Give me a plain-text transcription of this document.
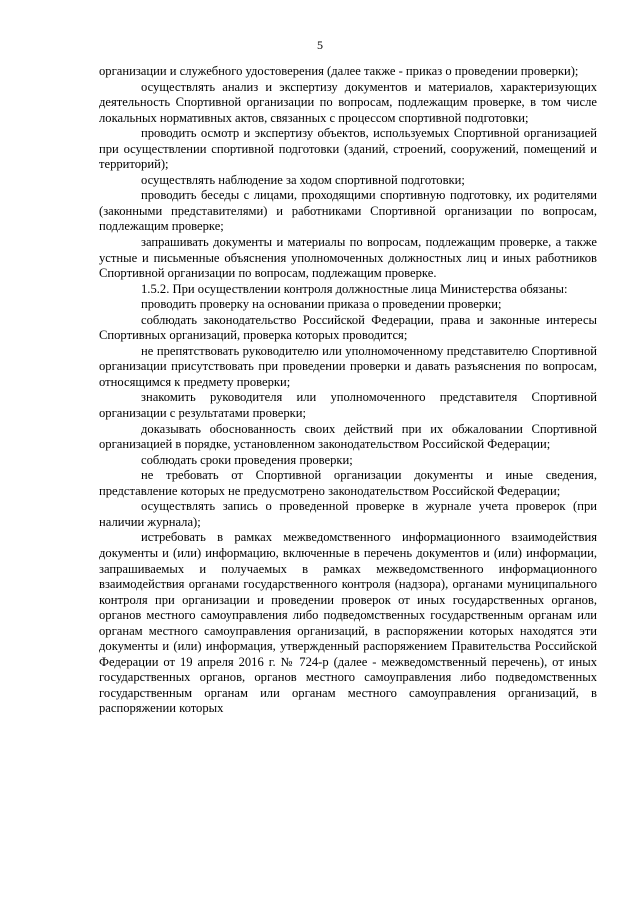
5

организации и служебного удостоверения (далее также - приказ о проведении проверки);

осуществлять анализ и экспертизу документов и материалов, характеризующих деятельность Спортивной организации по вопросам, подлежащим проверке, в том числе локальных нормативных актов, связанных с процессом спортивной подготовки;

проводить осмотр и экспертизу объектов, используемых Спортивной организацией при осуществлении спортивной подготовки (зданий, строений, сооружений, помещений и территорий);

осуществлять наблюдение за ходом спортивной подготовки;

проводить беседы с лицами, проходящими спортивную подготовку, их родителями (законными представителями) и работниками Спортивной организации по вопросам, подлежащим проверке;

запрашивать документы и материалы по вопросам, подлежащим проверке, а также устные и письменные объяснения уполномоченных должностных лиц и иных работников Спортивной организации по вопросам, подлежащим проверке.

1.5.2. При осуществлении контроля должностные лица Министерства обязаны:

проводить проверку на основании приказа о проведении проверки;

соблюдать законодательство Российской Федерации, права и законные интересы Спортивных организаций, проверка которых проводится;

не препятствовать руководителю или уполномоченному представителю Спортивной организации присутствовать при проведении проверки и давать разъяснения по вопросам, относящимся к предмету проверки;

знакомить руководителя или уполномоченного представителя Спортивной организации с результатами проверки;

доказывать обоснованность своих действий при их обжаловании Спортивной организацией в порядке, установленном законодательством Российской Федерации;

соблюдать сроки проведения проверки;

не требовать от Спортивной организации документы и иные сведения, представление которых не предусмотрено законодательством Российской Федерации;

осуществлять запись о проведенной проверке в журнале учета проверок (при наличии журнала);

истребовать в рамках межведомственного информационного взаимодействия документы и (или) информацию, включенные в перечень документов и (или) информации, запрашиваемых и получаемых в рамках межведомственного информационного взаимодействия органами государственного контроля (надзора), органами муниципального контроля при организации и проведении проверок от иных государственных органов, органов местного самоуправления либо подведомственных государственным органам или органам местного самоуправления организаций, в распоряжении которых находятся эти документы и (или) информация, утвержденный распоряжением Правительства Российской Федерации от 19 апреля 2016 г. № 724-р (далее - межведомственный перечень), от иных государственных органов, органов местного самоуправления либо подведомственных государственным органам или органам местного самоуправления организаций, в распоряжении которых
